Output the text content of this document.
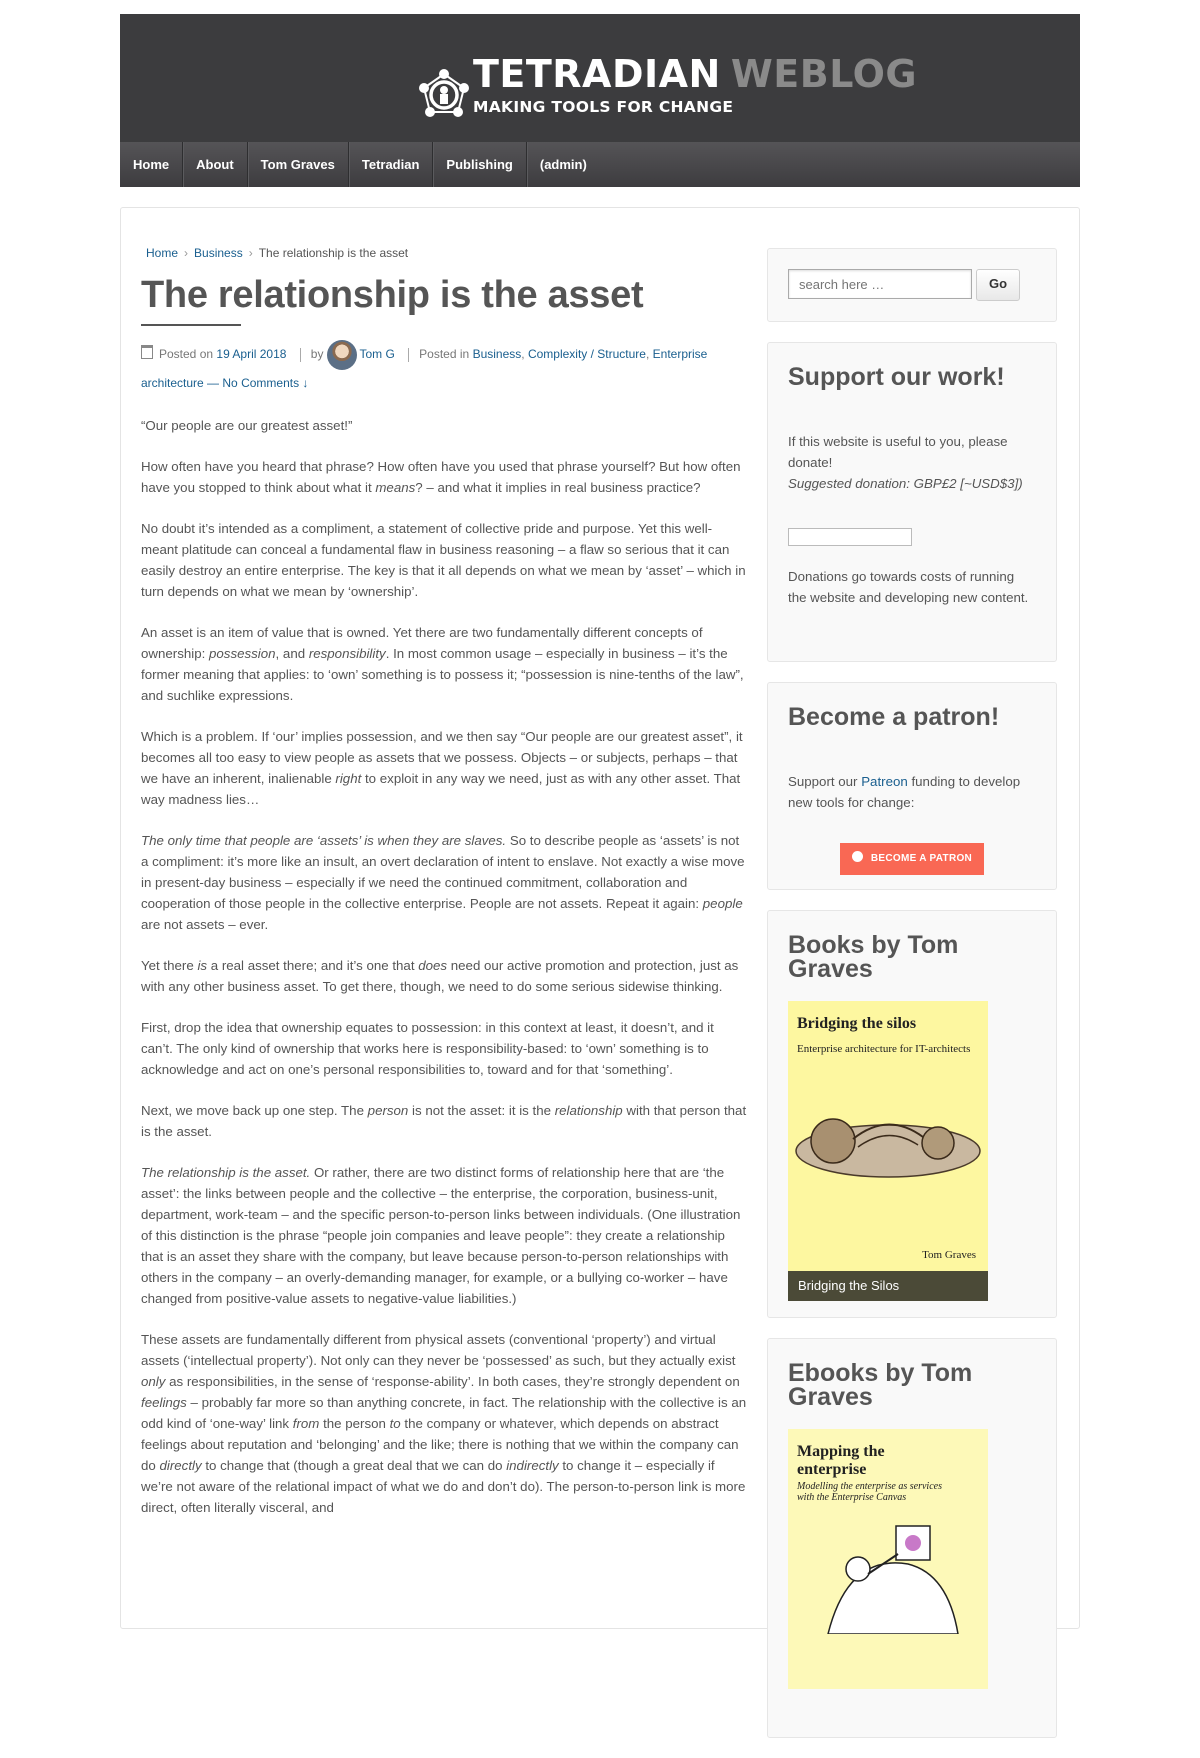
TETRADIAN WEBLOG
MAKING TOOLS FOR CHANGE
Home	About	Tom Graves	Tetradian	Publishing	(admin)
Home › Business › The relationship is the asset
The relationship is the asset
Posted on 19 April 2018 by	Tom G Posted in Business, Complexity / Structure, Enterprise architecture — No Comments ↓

“Our people are our greatest asset!”

How often have you heard that phrase? How often have you used that phrase yourself? But how often have you stopped to think about what it means? – and what it implies in real business practice?

No doubt it’s intended as a compliment, a statement of collective pride and purpose. Yet this well-meant platitude can conceal a fundamental flaw in business reasoning – a flaw so serious that it can easily destroy an entire enterprise. The key is that it all depends on what we mean by ‘asset’ – which in turn depends on what we mean by ‘ownership’.

An asset is an item of value that is owned. Yet there are two fundamentally different concepts of ownership: possession, and responsibility. In most common usage – especially in business – it’s the former meaning that applies: to ‘own’ something is to possess it; “possession is nine-tenths of the law”, and suchlike expressions.

Which is a problem. If ‘our’ implies possession, and we then say “Our people are our greatest asset”, it becomes all too easy to view people as assets that we possess. Objects – or subjects, perhaps – that we have an inherent, inalienable right to exploit in any way we need, just as with any other asset. That way madness lies…

The only time that people are ‘assets’ is when they are slaves. So to describe people as ‘assets’ is not a compliment: it’s more like an insult, an overt declaration of intent to enslave. Not exactly a wise move in present-day business – especially if we need the continued commitment, collaboration and cooperation of those people in the collective enterprise. People are not assets. Repeat it again: people are not assets – ever.

Yet there is a real asset there; and it’s one that does need our active promotion and protection, just as with any other business asset. To get there, though, we need to do some serious sidewise thinking.

First, drop the idea that ownership equates to possession: in this context at least, it doesn’t, and it can’t. The only kind of ownership that works here is responsibility-based: to ‘own’ something is to acknowledge and act on one’s personal responsibilities to, toward and for that ‘something’.

Next, we move back up one step. The person is not the asset: it is the relationship with that person that is the asset.

The relationship is the asset. Or rather, there are two distinct forms of relationship here that are ‘the asset’: the links between people and the collective – the enterprise, the corporation, business-unit, department, work-team – and the specific person-to-person links between individuals. (One illustration of this distinction is the phrase “people join companies and leave people”: they create a relationship that is an asset they share with the company, but leave because person-to-person relationships with others in the company – an overly-demanding manager, for example, or a bullying co-worker – have changed from positive-value assets to negative-value liabilities.)

These assets are fundamentally different from physical assets (conventional ‘property’) and virtual assets (‘intellectual property’). Not only can they never be ‘possessed’ as such, but they actually exist only as responsibilities, in the sense of ‘response-ability’. In both cases, they’re strongly dependent on feelings – probably far more so than anything concrete, in fact. The relationship with the collective is an odd kind of ‘one-way’ link from the person to the company or whatever, which depends on abstract feelings about reputation and ‘belonging’ and the like; there is nothing that we within the company can do directly to change that (though a great deal that we can do indirectly to change it – especially if we’re not aware of the relational impact of what we do and don’t do). The person-to-person link is more direct, often literally visceral, and

search here …
Go
Support our work!

If this website is useful to you, please donate!

Suggested donation: GBP£2 [~USD$3])

Donations go towards costs of running the website and developing new content.

Become a patron!

Support our Patreon funding to develop new tools for change:

BECOME A PATRON
Books by Tom Graves
Bridging the silos
Enterprise architecture for IT-architects
Tom Graves
Bridging the Silos
Ebooks by Tom Graves
Mapping the enterprise
Modelling the enterprise as services with the Enterprise Canvas
